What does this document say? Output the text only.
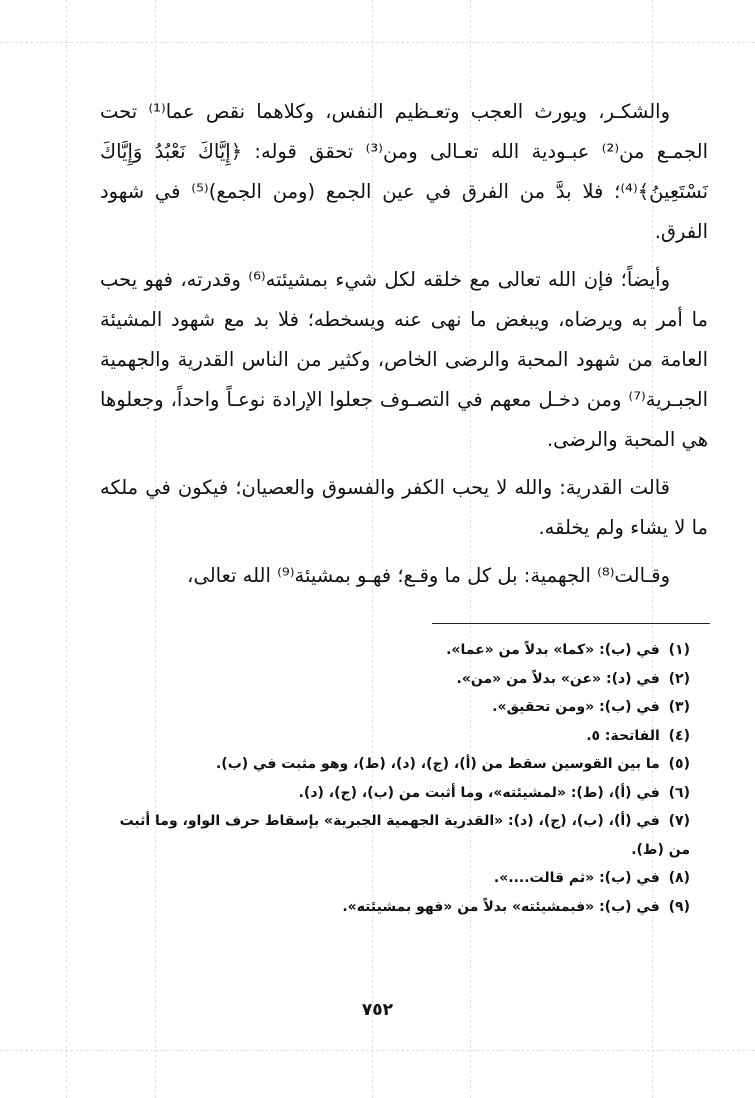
والشكـر، ويورث العجب وتعـظيم النفس، وكلاهما نقص عما⁽¹⁾ تحت الجمـع من⁽²⁾ عبـودية الله تعـالى ومن⁽³⁾ تحقق قوله: ﴿إِيَّاكَ نَعْبُدُ وَإِيَّاكَ نَسْتَعِينُ﴾⁽⁴⁾؛ فلا بدَّ من الفرق في عين الجمع (ومن الجمع)⁽⁵⁾ في شهود الفرق.

وأيضاً؛ فإن الله تعالى مع خلقه لكل شيء بمشيئته⁽⁶⁾ وقدرته، فهو يحب ما أمر به ويرضاه، ويبغض ما نهى عنه ويسخطه؛ فلا بد مع شهود المشيئة العامة من شهود المحبة والرضى الخاص، وكثير من الناس القدرية والجهمية الجبـرية⁽⁷⁾ ومن دخـل معهم في التصـوف جعلوا الإرادة نوعـاً واحداً، وجعلوها هي المحبة والرضى.

قالت القدرية: والله لا يحب الكفر والفسوق والعصيان؛ فيكون في ملكه ما لا يشاء ولم يخلقه.

وقـالت⁽⁸⁾ الجهمية: بل كل ما وقـع؛ فهـو بمشيئة⁽⁹⁾ الله تعالى،

(١) في (ب): «كما» بدلاً من «عما».

(٢) في (د): «عن» بدلاً من «من».

(٣) في (ب): «ومن تحقيق».

(٤) الفاتحة: ٥.

(٥) ما بين القوسين سقط من (أ)، (ج)، (د)، (ط)، وهو مثبت في (ب).

(٦) في (أ)، (ط): «لمشيئته»، وما أثبت من (ب)، (ج)، (د).

(٧) في (أ)، (ب)، (ج)، (د): «القدرية الجهمية الجبرية» بإسقاط حرف الواو، وما أثبت من (ط).

(٨) في (ب): «ثم قالت....».

(٩) في (ب): «فبمشيئته» بدلاً من «فهو بمشيئته».

٧٥٢
